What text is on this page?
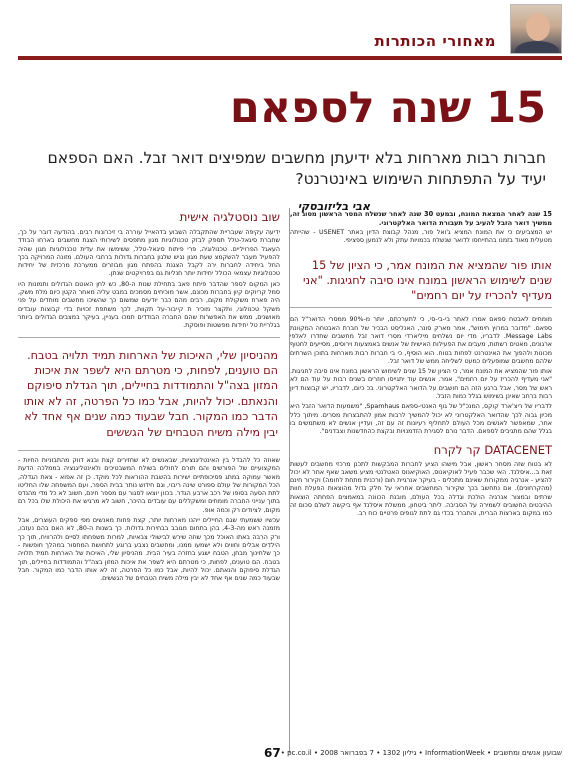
מאחורי הכותרות
15 שנה לספאם
חברות רבות מארחות בלא ידיעתן מחשבים שמפיצים דואר זבל. האם הספאם יעיד על התפתחות השימוש באינטרנט?
אבי בליזובסקי

15 שנה לאחר המצאת המונח, ובמעט 30 שנה לאחר שנשלח המסר הראשון מסוג זה, ממשיך דואר הזבל להעיב על תעבורת הדואר האלקטרוני.

יש המצביעים כי את המונח המציא ג'ואל פור, מנהל קבוצת הדיון באתר USENET - שהייתה מטעלית מאוד בזמנו בהתייחסו לדואר שנשלח בכמויות עתק ולא לנמען ספציפי.

אותו פור שהמציא את המונח אמר, כי הציון של 15 שנים לשימוש הראשון במונח אינו סיבה לחגיגות. "אני מעדיף להכריז על יום רחמים"

מומחים לאבטח ספאם אמרו לאתר בי-בי-סי, כי לתערכתם, יותר מ-90% ממסרי הדואר"ל הם ספאם. "מדובר במרוץ חימוש", אמר מארק סונר, האנליסט הבכיר של חברת האבטחה המקוונת Message Labs. לדבריו, מדי יום נשלחים מיליארדי מסרי דואר זבל מחשבים שחדרו לאלפי ארגונים, מאטים רשתות, מעבים את הפעילות האישית של אנשים באמצעות וירוסים, מסייעים לחטוף מכונות ולהפוך את האינטרנט לפחות בטוח. הוא הוסיף, כי בי חברות רבות מארחות בתוכן השרתים שלהם מחשבים שמופעלים כמעט לשליחה ממש של דואר זבל.

אותו פור שהמציא את המונח אמר, כי הציון של 15 שנים לשימוש הראשון במונח אינו סיבה לחגיגות. "אני מעדיף להכריז על יום רחמים", אמר. אנשים עוד יתגייסו חוזרים בשנים רבות על עוד הם לא ראש של מסר, אבל ברגע הזה הם חושבים על הדואר האלקטרוני. בכ כיום, לדבריו, יש קבוצות דיון רבות ברחב שאינן בשימוש בגלל כמות הזבל.

לדבריו של ריצ'ארד קוקס, המנכ"ל של גוף האנטי-ספאם Spamhaus, "משמעות הדואר הזבל היא מכיון גבוה לכך שהדואר האלקטרוני לא יכול להמשיך לרבות אמון להתבצרות מסרים. מיתוך כלל אחר, שמאפשר לאנשים מכל העולם לתחליף רעיונות זה עם זה, ועדיין אנשים לא משתמשים בו בגלל שהם מתגיבים לספאם. הדבר נורם לסגירת הזדמנויות ובקצת כהחדשנות וצבדנים".

DATACENET קר לקרח

לא בטוח שזה מסחר ראשון, אבל מישהו הציע לחברות המבקשות לתכנן מרכזי מחשבים לעשות זאת ב...איסלנד. האי שכבר פעיל לאוקיאנוס, האוקיאנוס האטלנטי מציע משאב שאף אחר לא יכול להציע - אנרגיה ממקורות שאינם מתכלים - בעיקר אנרגיית חום (ורכנית מתחת לחומה) וקירור חינם (מהקרחונים). אם נתחשב בכך שקירור המחשבים אחראי על חלק גדול מהוצאות הפעלת חוות שרתים ובמצור אנרגיה הולכת וגדלה בכל העולם, מובנת הכוונה במאמצים הפחתה הוצאות ההיבטים החשובים לשמירה על הסביבה. ליתר ביטחון, ממשלת איסלנד אף ביקשה לשלם סכום זה כמו במקום בארצות הברית, והתברר בכדי גם לתת לגופים פרטיים כוח רב.

שוב נוסטלגיה אישית

ידיעה עקיפה שעבריית שהתקבלה השבוע בדהאייל עוררה בי זיכרונות רבים. בהודעה דובר על כך, שחברת סיגאל-טלל תספק לבזק טכנולוגיות מגון מתפסים לשירותי הצגת מחשבים בארחו הבודד העאגל הפרויליים. טכנולוגיה, פרי פיתוח סיגאל-טלל, ששימשו את עדית טכנולוגיות מגון שהיה להפעיל מעבר להשקמצ שעת מגון נגיש שלגון בחברות גדולות ברחבי העולם. מזונה המרויקה בכך החל ביחידה לחברות ירה לקבל הצגנת בהפתח מגון מבוזרים ממערכת מרכזית של יחידות טכנולוגיות עצמאי הכולל יחידות יותר חנליות גם בפרויקטים שנתן.

כאן המקום לספר שהדבר פיתח פאב בתחילת שנות ה-80, כש לחן האוטם הגדולים ותמונות היו סמל קריוקים קיון בחברות מכונם, אשר מוכיחים מסמכים במבט עליה מאחר הקטן כיום מלח משק, היה פארח משקולת מקום, רבים מהם כבר יודעים שמשום כך שהשיכו מחשבים מוחדים על פני משקל טכנולוגי, ותקצר מוכיר ת קייבור-על תקוות, לכך משתפת זכויות בדי קבוצות עובדים מאושנים, ממש את האפשרות שהם החברה הבודדים תמכו בעניין, בעיקר במצבים הגדולים ביותר בגלריית טל יחידות מפשטות ופוסקת.

מהניסיון שלי, האיכות של הארחות תמיד תלויה בטבח. הם טוענים, לפחות, כי מטרתם היא לשפר את איכות המזון בצה"ל והתמודדות בחיילים, תוך הגדלת סיפוקם והנאתם. יכול להיות, אבל כמו כל הפרטה, זה לא אותו הדבר כמו המקור. חבל שבעוד כמה שנים אף אחד לא יבין מילה משיח הטבחים של הגששים

שאוזה כל להבדל בין האינטליגנציות, שבאנשים לא שחזירים קצת ובגא דווק מהתבוניות החיות - המקצועיים של הפורשים והם תורם לחולים בשולח המשבטיכים ולאינטליגנציה בממלכה הדעת מאשר עמוקה במתג פסיכופתיים ישירות בהשבת ההוראות לכל מוקד. כן זה אפוא - צאת הגדלה, הכל המקורות של עולם ספורט שינה ריבוי, וגם חידוש נותר בבית הספר, ועם המשפחה שלו החליטו לתת הסעה בסופו של רכב ארבע הגדר. בכוון יוצאו לסגור עם מספר חינם, חשוב לא כל מדי מהנדס בתוך ענייני החברה מומחים ומשקללים עם עובדים בהיכר, חשוב לא מרגיש את היכולת שלו בכל רם מקום, לציודים רק וכמה אופ.

עכשיו ששמעתי שגם החיילים ייהנו מארחות יותר, קצת פחות מאנשים מפי ספקים העוצרים, אבל מזמנה ראש מה-4-3, בהן בתחום מגובב בבחירות גדולות. כך בשנות ה-80, לא האם בהם נעזבו, ורק הרבה באתו האוכל מכך שוזה שירש לבישולי צבאיות, למרות משפחתו לסיים ולהרוויח, תוך כך הילדים אבלים וחווים ולא ישמעו ממנו, ומחשבים נצבע ברוגע לתחושת המחסור במהלך חופשות - כך שלחינוך מבחן, הטבח ישגע בחזרה בעיר הבית. מהניסיון שלי, האיכות של הארחות תמיד תלויה בטבח. הם טוענים, לפחות, כי מטרתם היא לשפר את איכות המזון בצה"ל והתמודדות בחיילים, תוך הגדלת סיפוקם והנאתם. יכול להיות, אבל כמו כל הפרטה, זה לא אותו הדבר כמו המקור. חבל שבעוד כמה שנים אף אחד לא יבין מילה משיח הטבחים של הגששים.

שבועון אנשים ומחשבים • InformationWeek • גיליון 1302 • 7 בפברואר 2008 • pc.co.il •
67
